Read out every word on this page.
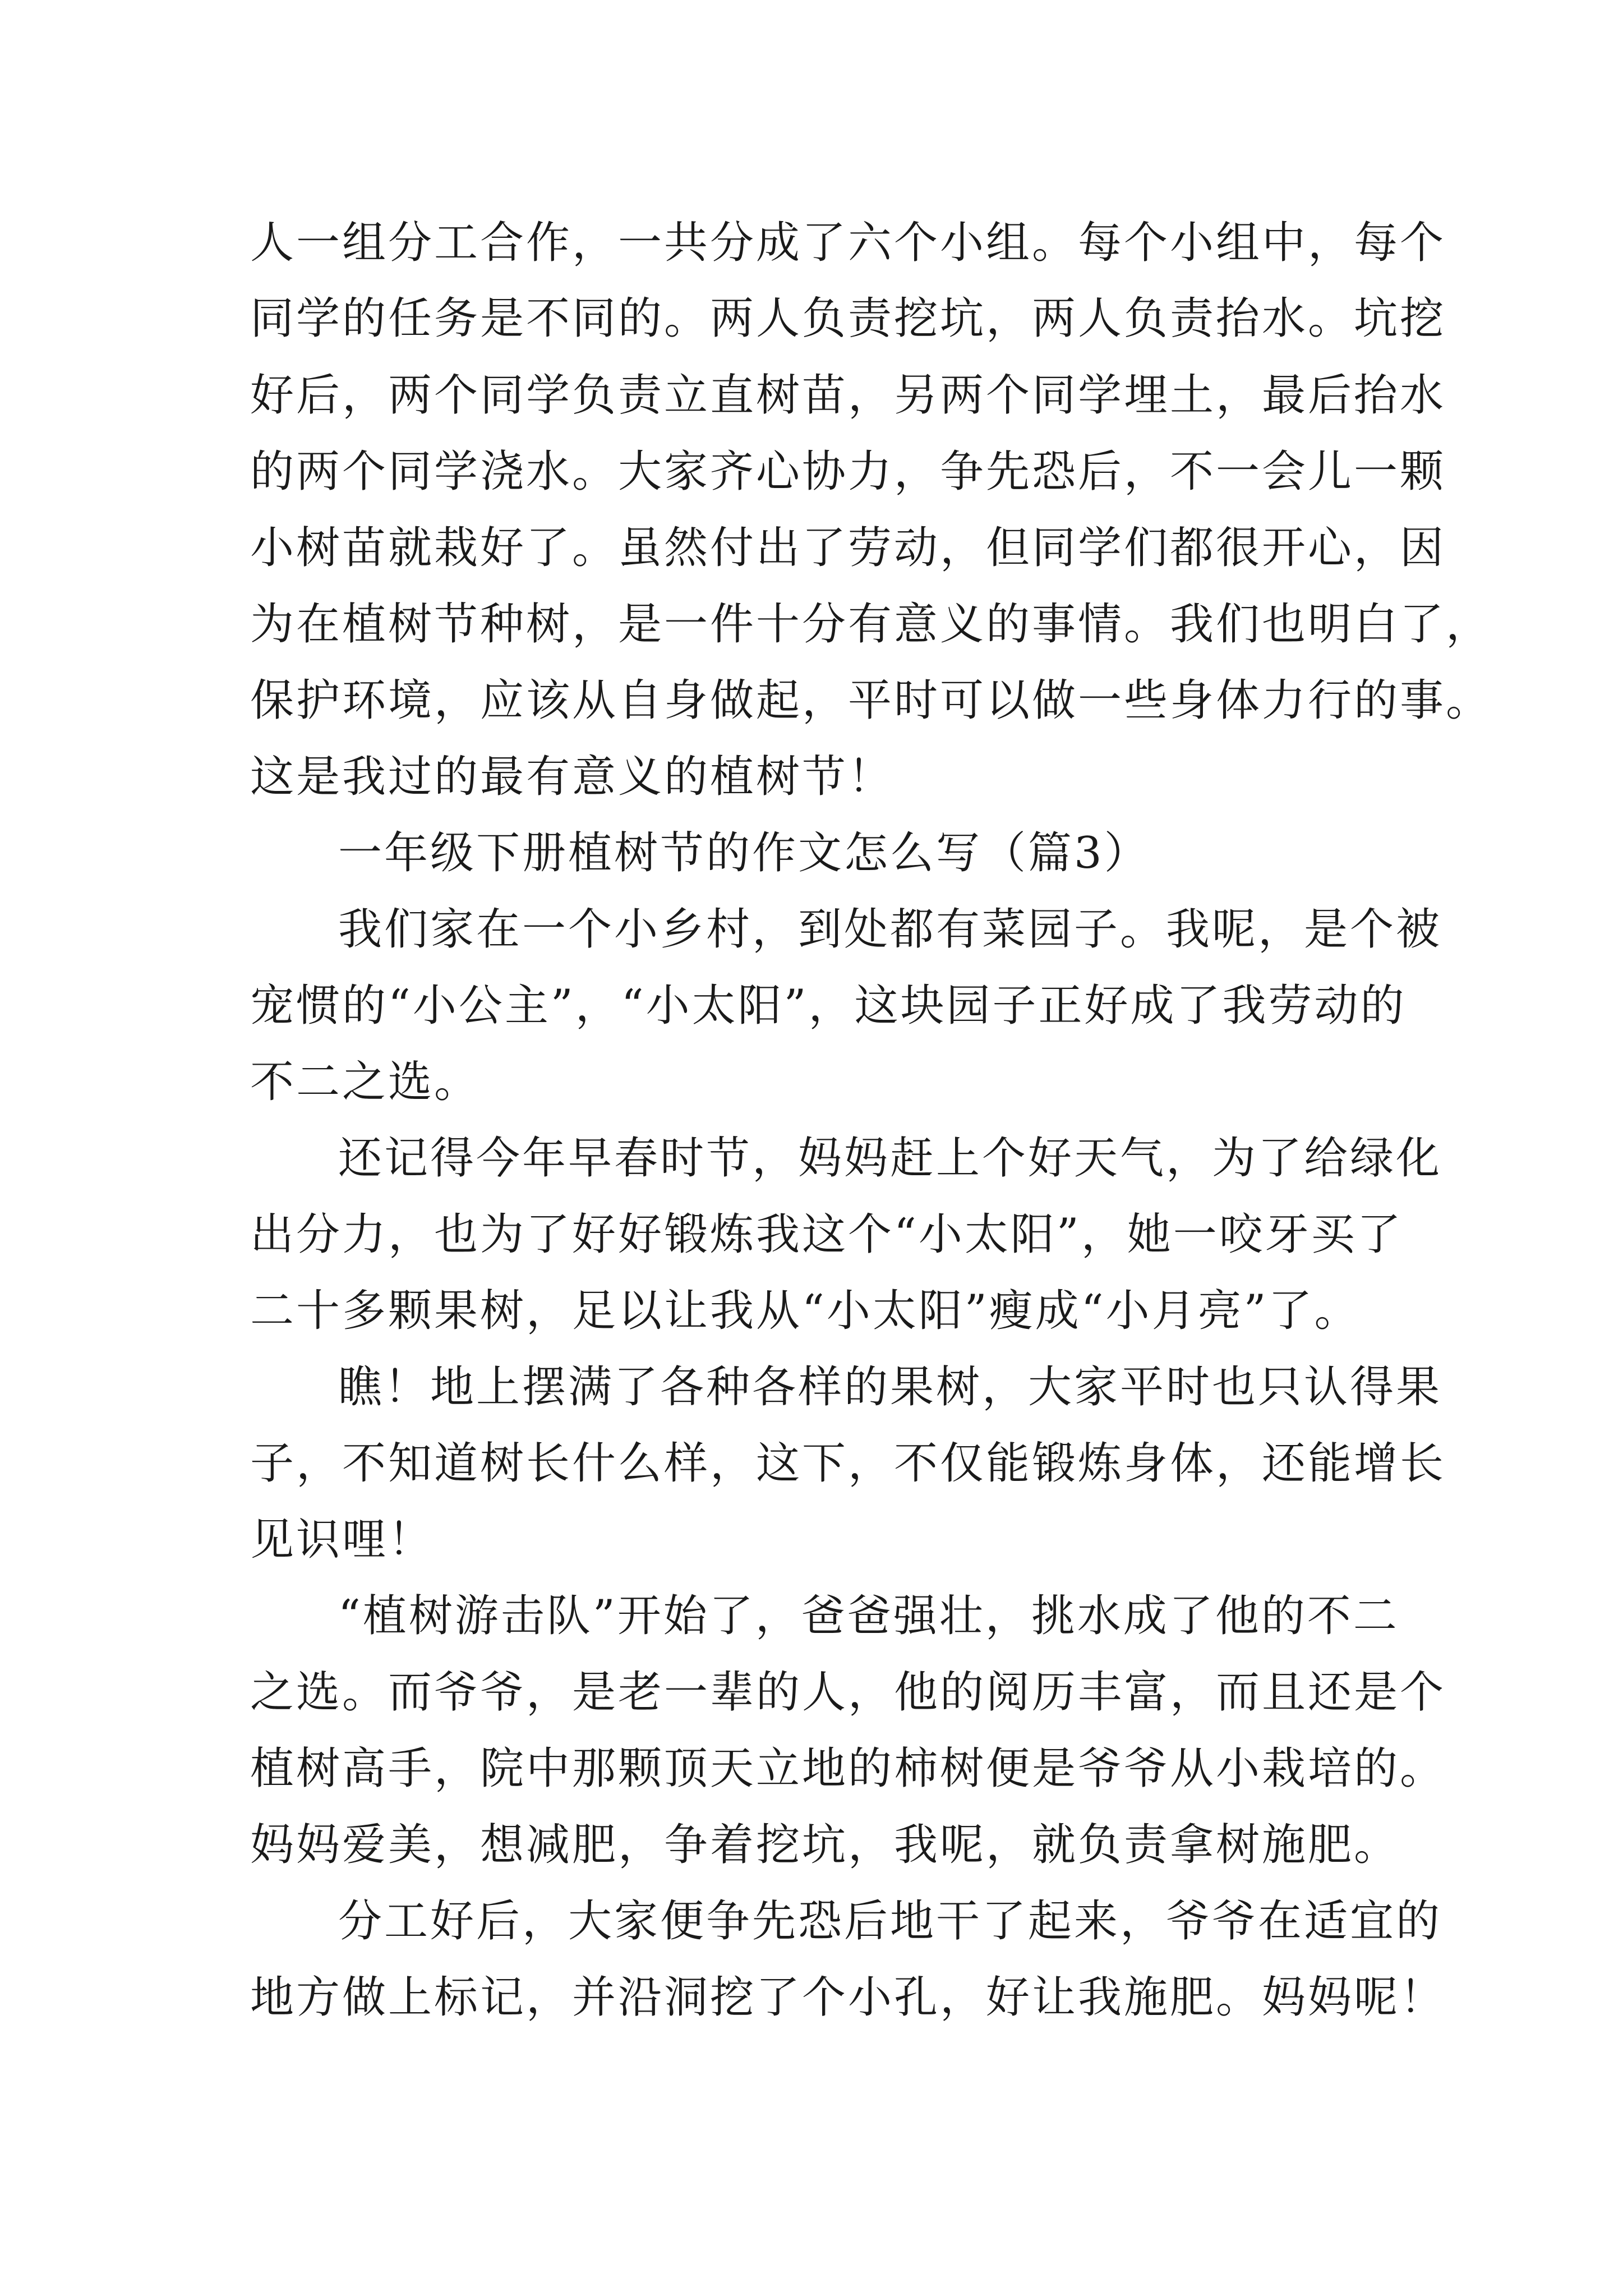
人一组分工合作，一共分成了六个小组。每个小组中，每个
同学的任务是不同的。两人负责挖坑，两人负责抬水。坑挖
好后，两个同学负责立直树苗，另两个同学埋土，最后抬水
的两个同学浇水。大家齐心协力，争先恐后，不一会儿一颗
小树苗就栽好了。虽然付出了劳动，但同学们都很开心，因
为在植树节种树，是一件十分有意义的事情。我们也明白了，
保护环境，应该从自身做起，平时可以做一些身体力行的事。
这是我过的最有意义的植树节！
一年级下册植树节的作文怎么写（篇3）
我们家在一个小乡村，到处都有菜园子。我呢，是个被
宠惯的“小公主”，“小太阳”，这块园子正好成了我劳动的
不二之选。
还记得今年早春时节，妈妈赶上个好天气，为了给绿化
出分力，也为了好好锻炼我这个“小太阳”，她一咬牙买了
二十多颗果树，足以让我从“小太阳”瘦成“小月亮”了。
瞧！地上摆满了各种各样的果树，大家平时也只认得果
子，不知道树长什么样，这下，不仅能锻炼身体，还能增长
见识哩！
“植树游击队”开始了，爸爸强壮，挑水成了他的不二
之选。而爷爷，是老一辈的人，他的阅历丰富，而且还是个
植树高手，院中那颗顶天立地的柿树便是爷爷从小栽培的。
妈妈爱美，想减肥，争着挖坑，我呢，就负责拿树施肥。
分工好后，大家便争先恐后地干了起来，爷爷在适宜的
地方做上标记，并沿洞挖了个小孔，好让我施肥。妈妈呢！
